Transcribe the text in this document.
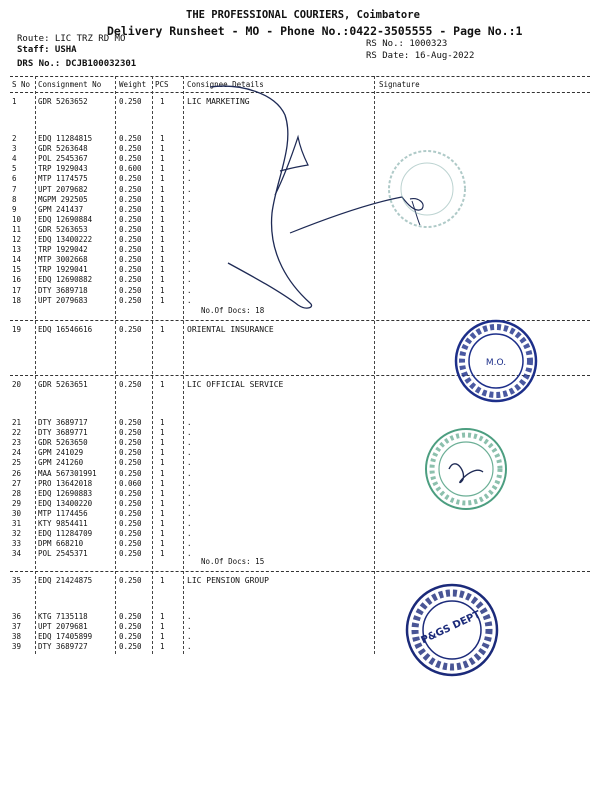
THE PROFESSIONAL COURIERS, Coimbatore
Delivery Runsheet - MO - Phone No.:0422-3505555 - Page No.:1
Route: LIC TRZ RD MO
Staff: USHA
DRS No.: DCJB100032301
RS No.: 1000323
RS Date: 16-Aug-2022
S No Consignment No Weight PCS Consignee Details	Signature
1	GDR 5263652	0.250 1	LIC MARKETING
2	EDQ 11284815	0.250 1	.
3	GDR 5263648	0.250 1	.
4	POL 2545367	0.250 1	.
5	TRP 1929043	0.600 1	.
6	MTP 1174575	0.250 1	.
7	UPT 2079682	0.250 1	.
8	MGPM 292505	0.250 1	.
9	GPM 241437	0.250 1	.
10 EDQ 12690884	0.250 1	.
11 GDR 5263653	0.250 1	.
12 EDQ 13400222	0.250 1	.
13 TRP 1929042	0.250 1	.
14 MTP 3002668	0.250 1	.
15 TRP 1929041	0.250 1	.
16 EDQ 12690882	0.250 1	.
17 DTY 3689718	0.250 1	.
18 UPT 2079683	0.250 1	.
No.Of Docs: 18
19 EDQ 16546616	0.250 1	ORIENTAL INSURANCE
20 GDR 5263651	0.250 1	LIC OFFICIAL SERVICE
21 DTY 3689717	0.250 1	.
22 DTY 3689771	0.250 1	.
23 GDR 5263650	0.250 1	.
24 GPM 241029	0.250 1	.
25 GPM 241260	0.250 1	.
26 MAA 567301991	0.250 1	.
27 PRO 13642018	0.060 1	.
28 EDQ 12690883	0.250 1	.
29 EDQ 13400220	0.250 1	.
30 MTP 1174456	0.250 1	.
31 KTY 9854411	0.250 1	.
32 EDQ 11284709	0.250 1	.
33 DPM 668210	0.250 1	.
34 POL 2545371	0.250 1	.
No.Of Docs: 15
35 EDQ 21424875	0.250 1	LIC PENSION GROUP
36 KTG 7135118	0.250 1	.
37 UPT 2079681	0.250 1	.
38 EDQ 17405899	0.250 1	.
39 DTY 3689727	0.250 1	.
M.O.
P&GS DEPT
